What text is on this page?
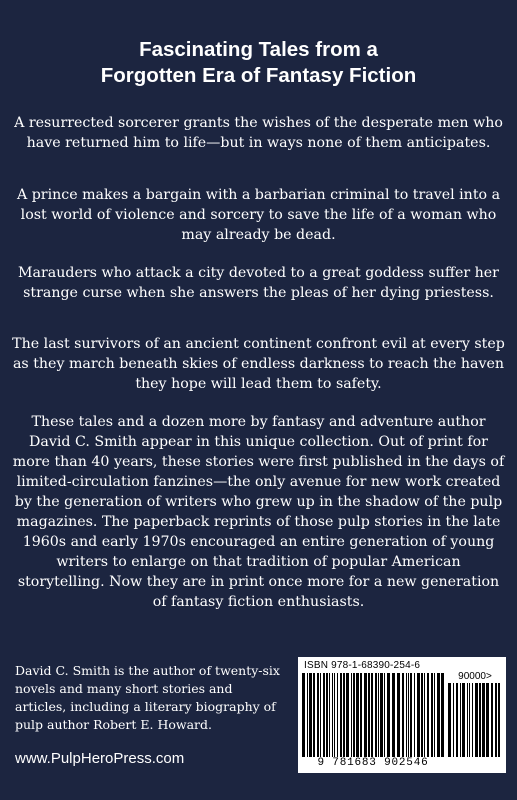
Fascinating Tales from a
Forgotten Era of Fantasy Fiction
A resurrected sorcerer grants the wishes of the desperate men who have returned him to life—but in ways none of them anticipates.
A prince makes a bargain with a barbarian criminal to travel into a lost world of violence and sorcery to save the life of a woman who may already be dead.
Marauders who attack a city devoted to a great goddess suffer her strange curse when she answers the pleas of her dying priestess.
The last survivors of an ancient continent confront evil at every step as they march beneath skies of endless darkness to reach the haven they hope will lead them to safety.
These tales and a dozen more by fantasy and adventure author David C. Smith appear in this unique collection. Out of print for more than 40 years, these stories were first published in the days of limited-circulation fanzines—the only avenue for new work created by the generation of writers who grew up in the shadow of the pulp magazines. The paperback reprints of those pulp stories in the late 1960s and early 1970s encouraged an entire generation of young writers to enlarge on that tradition of popular American storytelling. Now they are in print once more for a new generation of fantasy fiction enthusiasts.
David C. Smith is the author of twenty-six novels and many short stories and articles, including a literary biography of pulp author Robert E. Howard.
www.PulpHeroPress.com
ISBN 978-1-68390-254-6
90000>
9 781683 902546
